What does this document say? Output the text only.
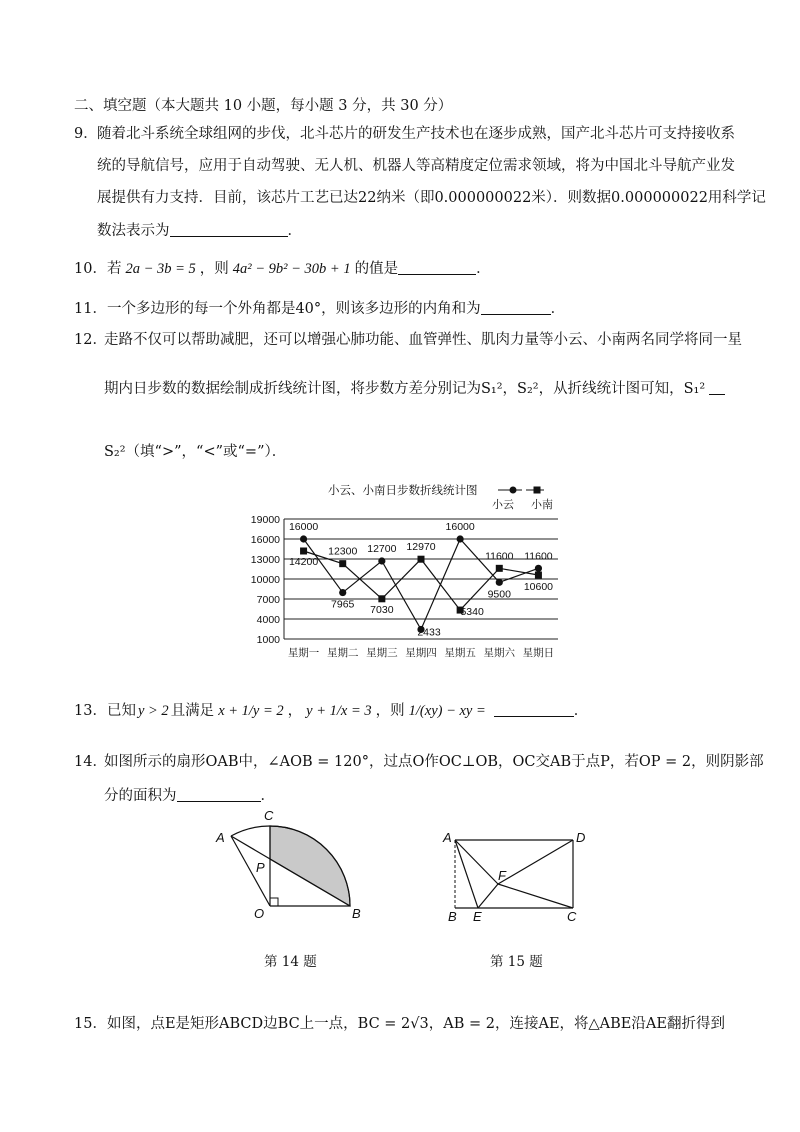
二、填空题（本大题共 10 小题，每小题 3 分，共 30 分）
9． 随着北斗系统全球组网的步伐，北斗芯片的研发生产技术也在逐步成熟，国产北斗芯片可支持接收系
统的导航信号，应用于自动驾驶、无人机、机器人等高精度定位需求领域，将为中国北斗导航产业发
展提供有力支持．目前，该芯片工艺已达22纳米（即0.000000022米）．则数据0.000000022用科学记
数法表示为	．
10．若 2a − 3b = 5 ，则 4a² − 9b² − 30b + 1 的值是	．
11．一个多边形的每一个外角都是40°，则该多边形的内角和为	．
12．
走路不仅可以帮助减肥，还可以增强心肺功能、血管弹性、肌肉力量等小云、小南两名同学将同一星
期内日步数的数据绘制成折线统计图，将步数方差分别记为S₁²，S₂²，从折线统计图可知，S₁²
S₂²（填“>”，“<”或“=”）．
小云、小南日步数折线统计图
小云 小南
1000
4000
7000
10000
13000
16000
19000
星期一 星期二 星期三 星期四 星期五 星期六 星期日
16000
7965
12700
2433
16000
9500
11600
14200
12300
7030
12970
5340
11600
10600
13．已知 y > 2 且满足 x + 1/y = 2 ， y + 1/x = 3 ，则 1/(xy) − xy =	．
14．
如图所示的扇形OAB中，∠AOB = 120°，过点O作OC⊥OB，OC交AB于点P，若OP = 2，则阴影部
分的面积为	．
A
C
P
O	B
A	D
F
B E	C
第 14 题	第 15 题
15．如图，点E是矩形ABCD边BC上一点，BC = 2√3，AB = 2，连接AE，将△ABE沿AE翻折得到
